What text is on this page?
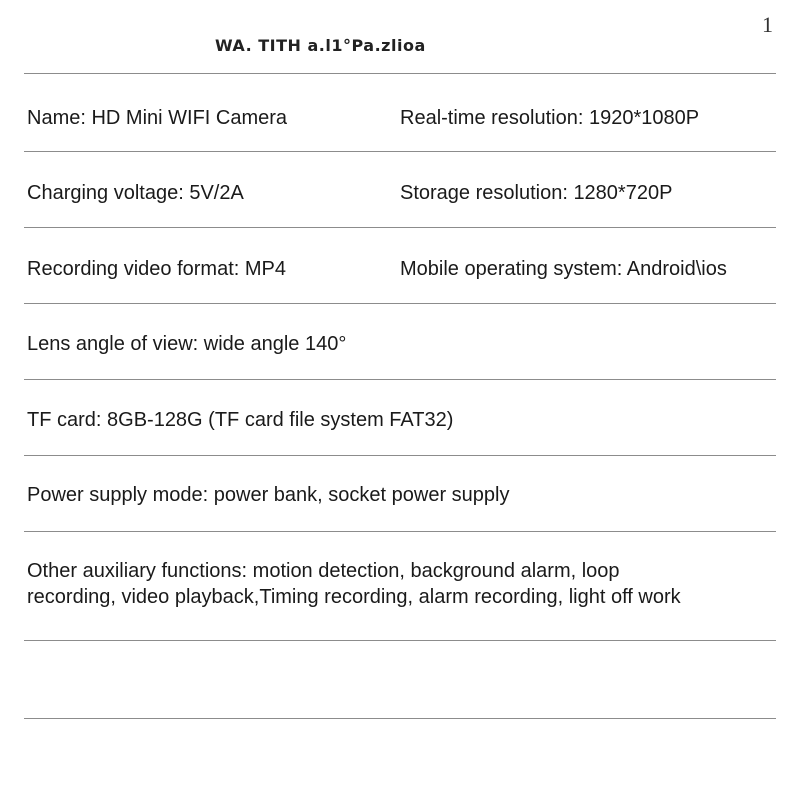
1
WA. TITH a.l1°Pa.zlioa
Name: HD Mini WIFI Camera	Real-time resolution: 1920*1080P
Charging voltage: 5V/2A	Storage resolution: 1280*720P
Recording video format: MP4	Mobile operating system: Android\ios
Lens angle of view: wide angle 140°
TF card: 8GB-128G (TF card file system FAT32)
Power supply mode: power bank, socket power supply
Other auxiliary functions: motion detection, background alarm, loop
recording, video playback,Timing recording, alarm recording, light off work
